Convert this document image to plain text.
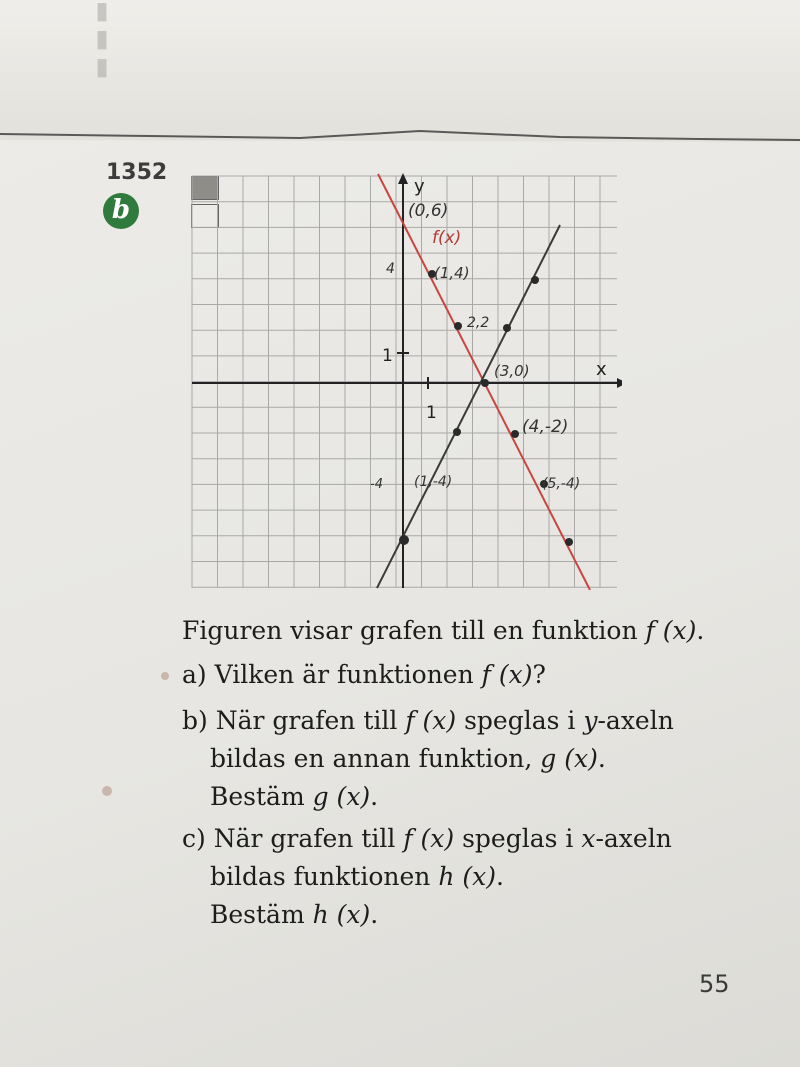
▮▮▮
1352
b
x
y
1
1
(0,6)
f(x)
4	(1,4)
2,2
(3,0)
(4,-2)
(5,-4)
-4 (1,-4)
Figuren visar grafen till en funktion f (x).
a) Vilken är funktionen f (x)?
b) När grafen till f (x) speglas i y-axeln
bildas en annan funktion, g (x).
Bestäm g (x).
c) När grafen till f (x) speglas i x-axeln
bildas funktionen h (x).
Bestäm h (x).
55
